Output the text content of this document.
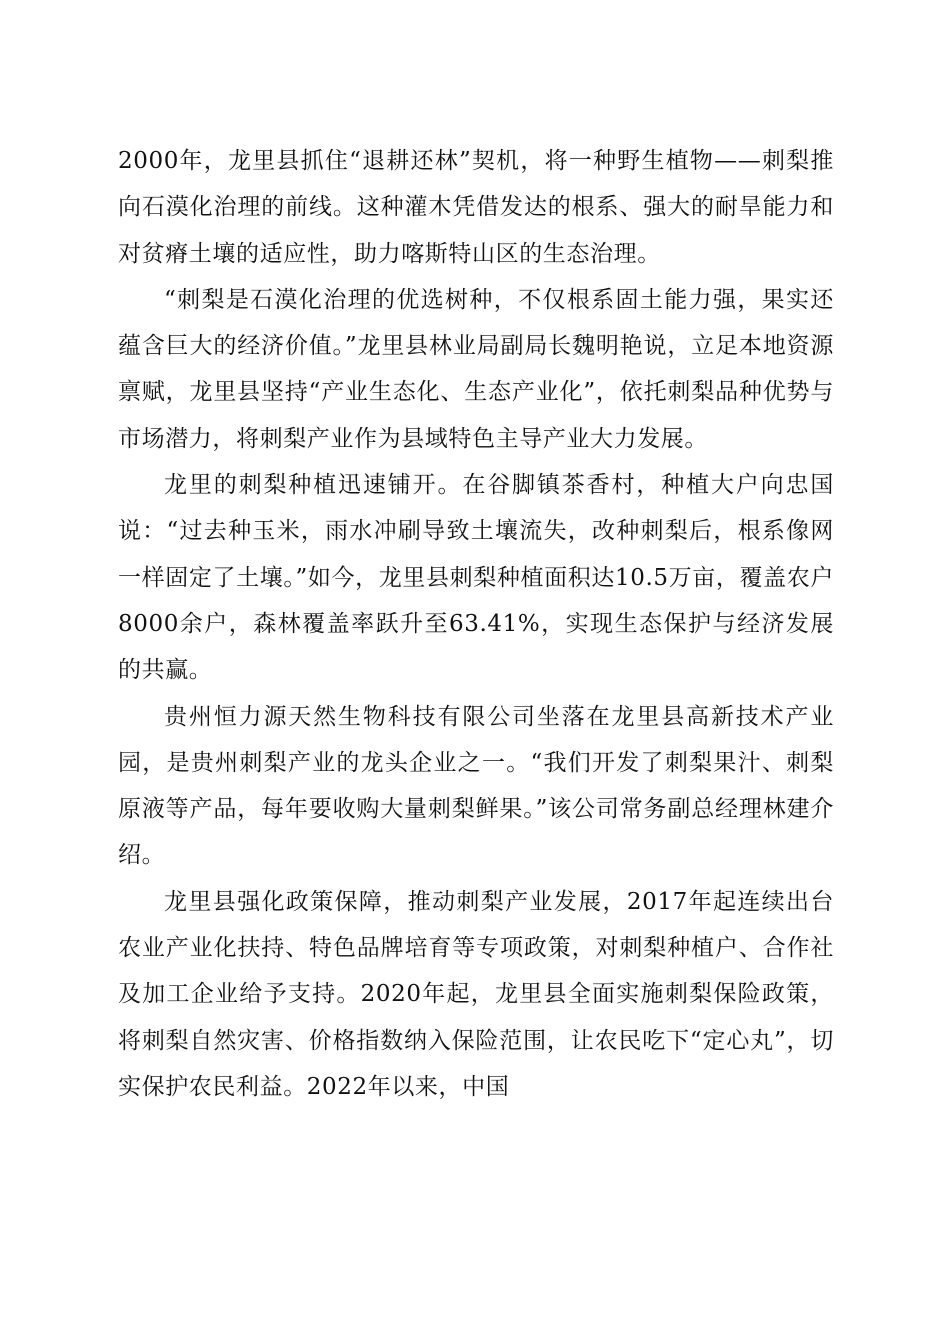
2000年，龙里县抓住“退耕还林”契机，将一种野生植物——刺梨推向石漠化治理的前线。这种灌木凭借发达的根系、强大的耐旱能力和对贫瘠土壤的适应性，助力喀斯特山区的生态治理。

“刺梨是石漠化治理的优选树种，不仅根系固土能力强，果实还蕴含巨大的经济价值。”龙里县林业局副局长魏明艳说，立足本地资源禀赋，龙里县坚持“产业生态化、生态产业化”，依托刺梨品种优势与市场潜力，将刺梨产业作为县域特色主导产业大力发展。

龙里的刺梨种植迅速铺开。在谷脚镇茶香村，种植大户向忠国说：“过去种玉米，雨水冲刷导致土壤流失，改种刺梨后，根系像网一样固定了土壤。”如今，龙里县刺梨种植面积达10.5万亩，覆盖农户8000余户，森林覆盖率跃升至63.41%，实现生态保护与经济发展的共赢。

贵州恒力源天然生物科技有限公司坐落在龙里县高新技术产业园，是贵州刺梨产业的龙头企业之一。“我们开发了刺梨果汁、刺梨原液等产品，每年要收购大量刺梨鲜果。”该公司常务副总经理林建介绍。

龙里县强化政策保障，推动刺梨产业发展，2017年起连续出台农业产业化扶持、特色品牌培育等专项政策，对刺梨种植户、合作社及加工企业给予支持。2020年起，龙里县全面实施刺梨保险政策，将刺梨自然灾害、价格指数纳入保险范围，让农民吃下“定心丸”，切实保护农民利益。2022年以来，中国
